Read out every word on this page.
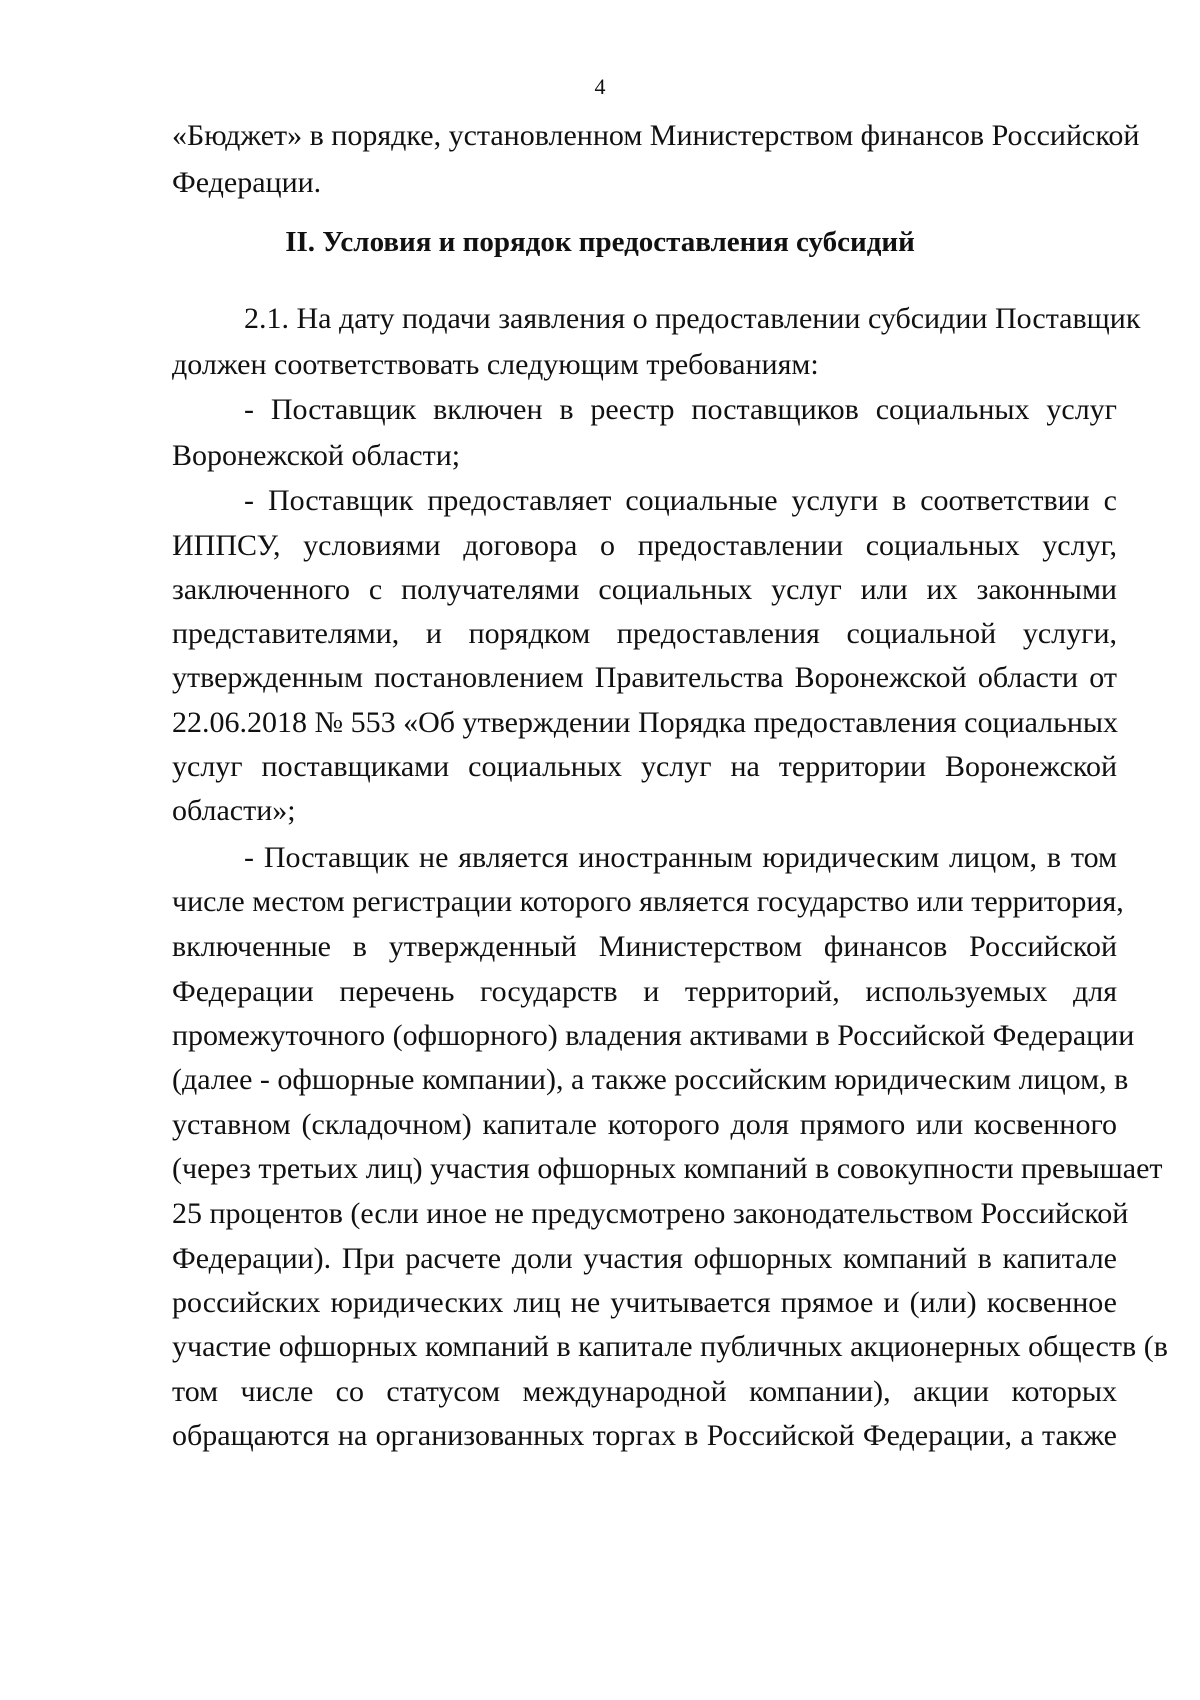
4
«Бюджет» в порядке, установленном Министерством финансов Российской
Федерации.
II. Условия и порядок предоставления субсидий
2.1. На дату подачи заявления о предоставлении субсидии Поставщик
должен соответствовать следующим требованиям:
- Поставщик включен в реестр поставщиков социальных услуг
Воронежской области;
- Поставщик предоставляет социальные услуги в соответствии с
ИППСУ, условиями договора о предоставлении социальных услуг,
заключенного с получателями социальных услуг или их законными
представителями, и порядком предоставления социальной услуги,
утвержденным постановлением Правительства Воронежской области от
22.06.2018 № 553 «Об утверждении Порядка предоставления социальных
услуг поставщиками социальных услуг на территории Воронежской
области»;
- Поставщик не является иностранным юридическим лицом, в том
числе местом регистрации которого является государство или территория,
включенные в утвержденный Министерством финансов Российской
Федерации перечень государств и территорий, используемых для
промежуточного (офшорного) владения активами в Российской Федерации
(далее - офшорные компании), а также российским юридическим лицом, в
уставном (складочном) капитале которого доля прямого или косвенного
(через третьих лиц) участия офшорных компаний в совокупности превышает
25 процентов (если иное не предусмотрено законодательством Российской
Федерации). При расчете доли участия офшорных компаний в капитале
российских юридических лиц не учитывается прямое и (или) косвенное
участие офшорных компаний в капитале публичных акционерных обществ (в
том числе со статусом международной компании), акции которых
обращаются на организованных торгах в Российской Федерации, а также
